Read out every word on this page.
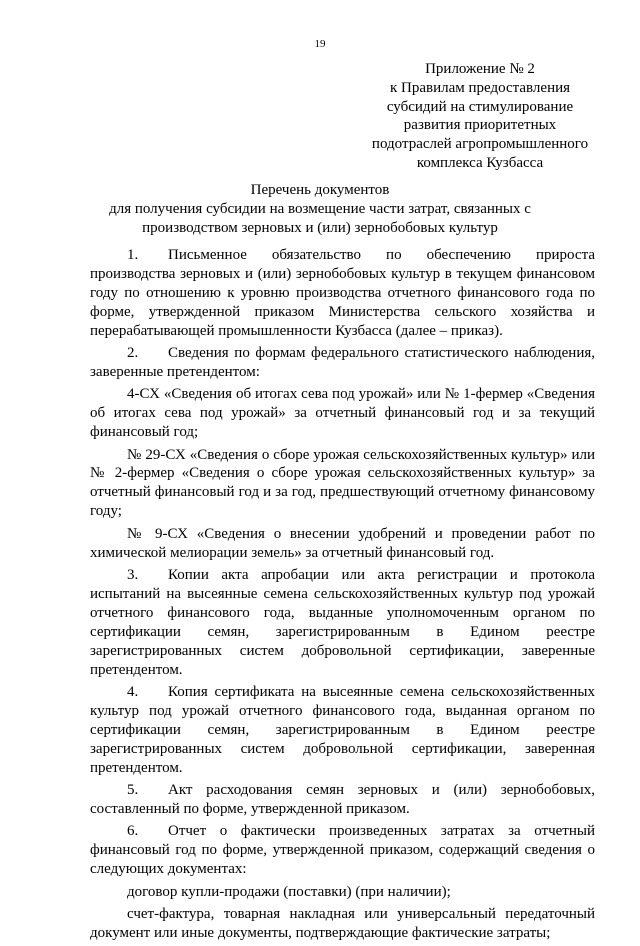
19
Приложение № 2
к Правилам предоставления
субсидий на стимулирование
развития приоритетных
подотраслей агропромышленного
комплекса Кузбасса
Перечень документов
для получения субсидии на возмещение части затрат, связанных с
производством зерновых и (или) зернобобовых культур

1. Письменное обязательство по обеспечению прироста производства зерновых и (или) зернобобовых культур в текущем финансовом году по отношению к уровню производства отчетного финансового года по форме, утвержденной приказом Министерства сельского хозяйства и перерабатывающей промышленности Кузбасса (далее – приказ).

2. Сведения по формам федерального статистического наблюдения, заверенные претендентом:

4-СХ «Сведения об итогах сева под урожай» или № 1-фермер «Сведения об итогах сева под урожай» за отчетный финансовый год и за текущий финансовый год;

№ 29-СХ «Сведения о сборе урожая сельскохозяйственных культур» или № 2-фермер «Сведения о сборе урожая сельскохозяйственных культур» за отчетный финансовый год и за год, предшествующий отчетному финансовому году;

№ 9-СХ «Сведения о внесении удобрений и проведении работ по химической мелиорации земель» за отчетный финансовый год.

3. Копии акта апробации или акта регистрации и протокола испытаний на высеянные семена сельскохозяйственных культур под урожай отчетного финансового года, выданные уполномоченным органом по сертификации семян, зарегистрированным в Едином реестре зарегистрированных систем добровольной сертификации, заверенные претендентом.

4. Копия сертификата на высеянные семена сельскохозяйственных культур под урожай отчетного финансового года, выданная органом по сертификации семян, зарегистрированным в Едином реестре зарегистрированных систем добровольной сертификации, заверенная претендентом.

5. Акт расходования семян зерновых и (или) зернобобовых, составленный по форме, утвержденной приказом.

6. Отчет о фактически произведенных затратах за отчетный финансовый год по форме, утвержденной приказом, содержащий сведения о следующих документах:

договор купли-продажи (поставки) (при наличии);

счет-фактура, товарная накладная или универсальный передаточный документ или иные документы, подтверждающие фактические затраты;
